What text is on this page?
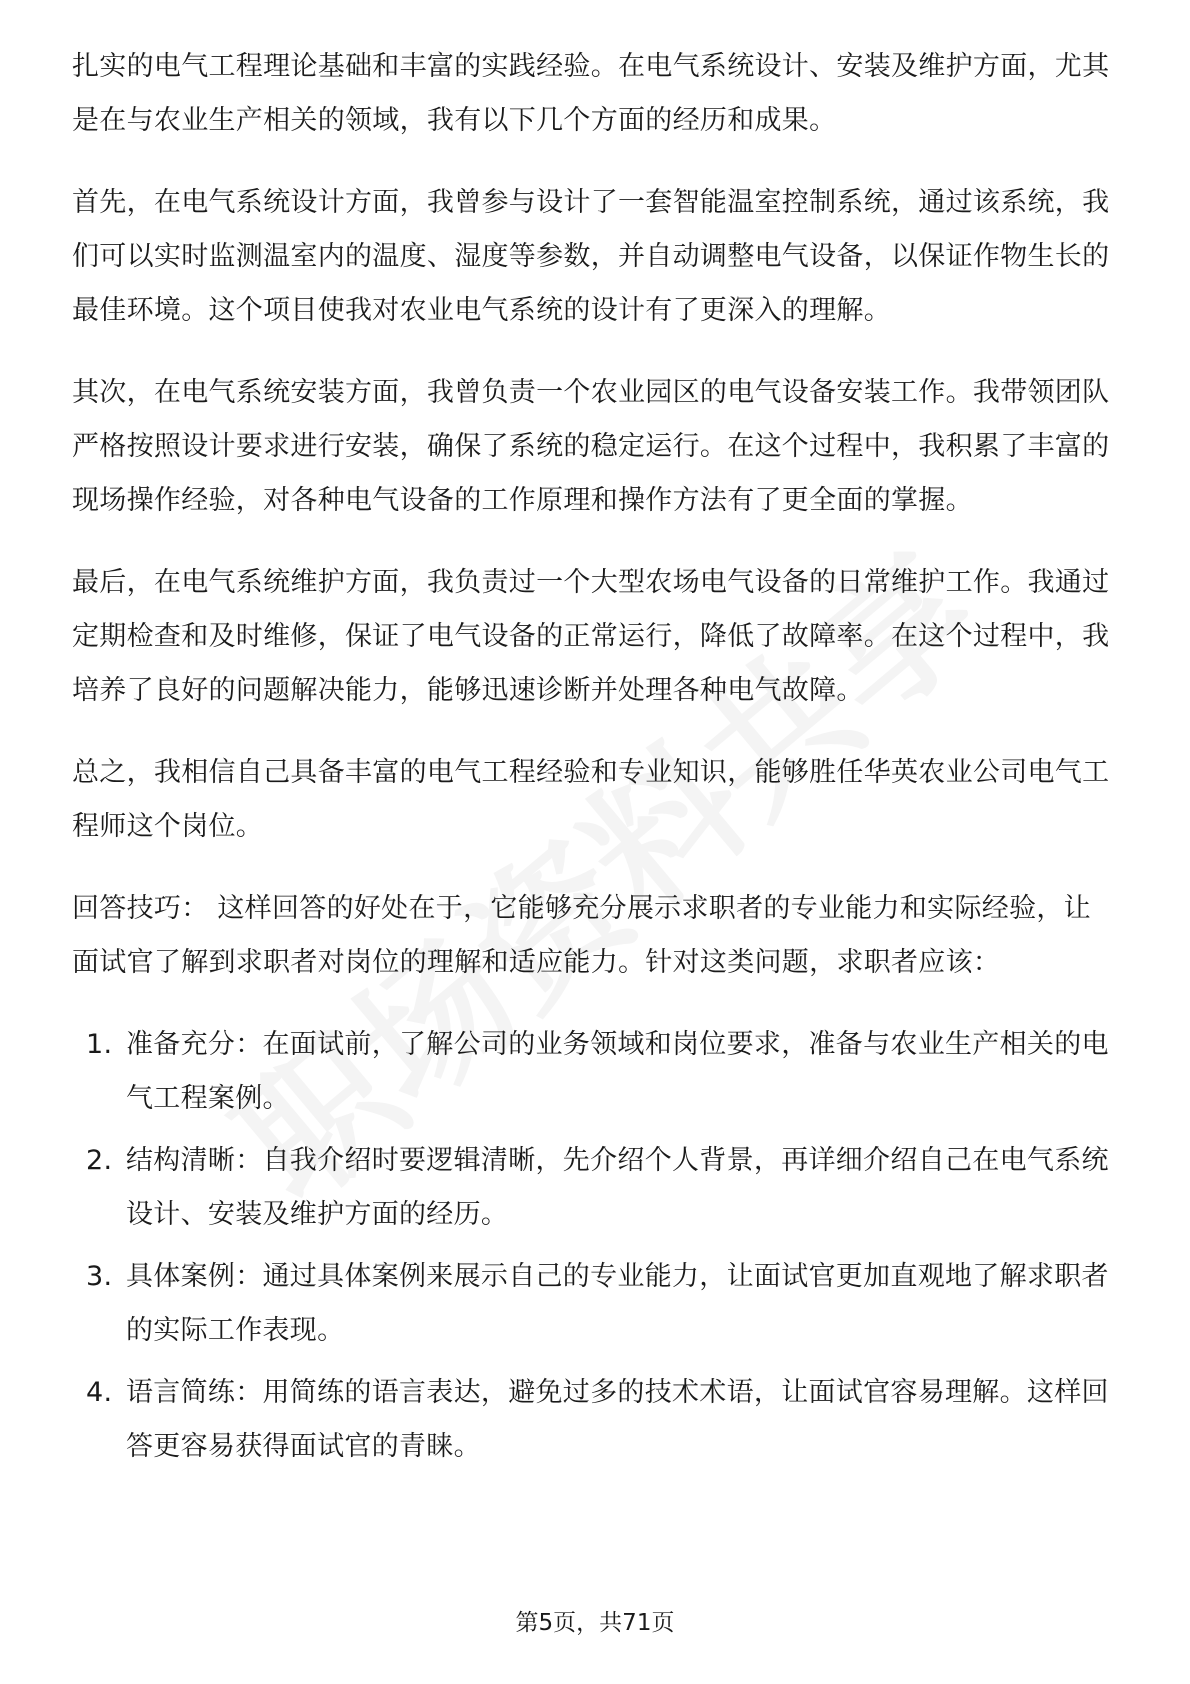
扎实的电气工程理论基础和丰富的实践经验。在电气系统设计、安装及维护方面，尤其是在与农业生产相关的领域，我有以下几个方面的经历和成果。

首先，在电气系统设计方面，我曾参与设计了一套智能温室控制系统，通过该系统，我们可以实时监测温室内的温度、湿度等参数，并自动调整电气设备，以保证作物生长的最佳环境。这个项目使我对农业电气系统的设计有了更深入的理解。

其次，在电气系统安装方面，我曾负责一个农业园区的电气设备安装工作。我带领团队严格按照设计要求进行安装，确保了系统的稳定运行。在这个过程中，我积累了丰富的现场操作经验，对各种电气设备的工作原理和操作方法有了更全面的掌握。

最后，在电气系统维护方面，我负责过一个大型农场电气设备的日常维护工作。我通过定期检查和及时维修，保证了电气设备的正常运行，降低了故障率。在这个过程中，我培养了良好的问题解决能力，能够迅速诊断并处理各种电气故障。

总之，我相信自己具备丰富的电气工程经验和专业知识，能够胜任华英农业公司电气工程师这个岗位。

回答技巧： 这样回答的好处在于，它能够充分展示求职者的专业能力和实际经验，让面试官了解到求职者对岗位的理解和适应能力。针对这类问题，求职者应该：

1. 准备充分：在面试前，了解公司的业务领域和岗位要求，准备与农业生产相关的电气工程案例。
2. 结构清晰：自我介绍时要逻辑清晰，先介绍个人背景，再详细介绍自己在电气系统设计、安装及维护方面的经历。
3. 具体案例：通过具体案例来展示自己的专业能力，让面试官更加直观地了解求职者的实际工作表现。
4. 语言简练：用简练的语言表达，避免过多的技术术语，让面试官容易理解。这样回答更容易获得面试官的青睐。
第5页，共71页
